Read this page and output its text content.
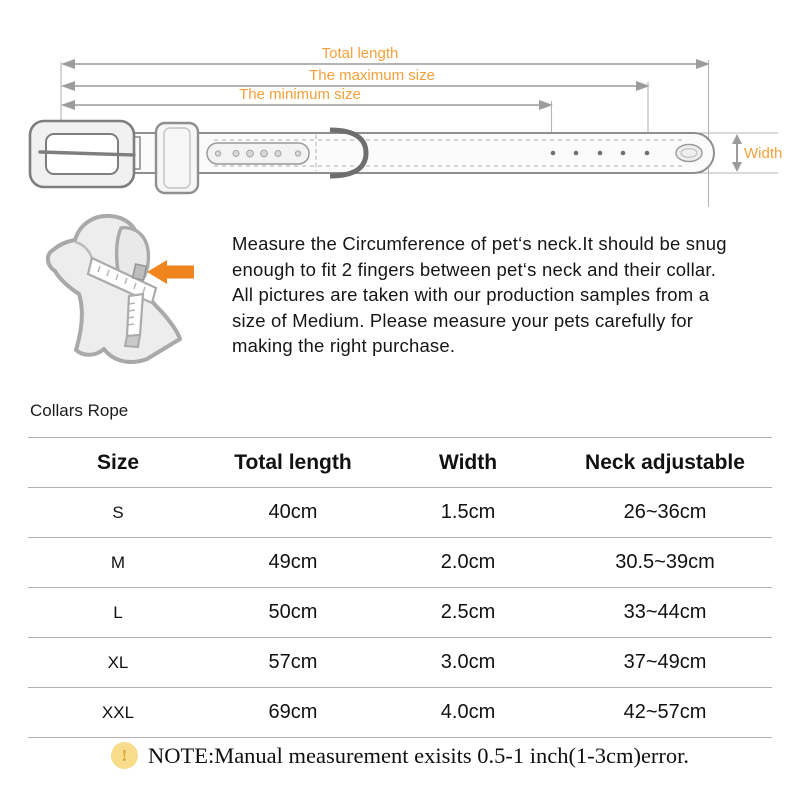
Total length
The maximum size
The minimum size
Width

Measure the Circumference of pet‘s neck.It should be snug
enough to fit 2 fingers between pet‘s neck and their collar.
All pictures are taken with our production samples from a
size of Medium. Please measure your pets carefully for
making the right purchase.

Collars Rope
Size	Total length	Width	Neck adjustable
S	40cm	1.5cm	26~36cm
M	49cm	2.0cm	30.5~39cm
L	50cm	2.5cm	33~44cm
XL	57cm	3.0cm	37~49cm
XXL	69cm	4.0cm	42~57cm
! NOTE:Manual measurement exisits 0.5-1 inch(1-3cm)error.
